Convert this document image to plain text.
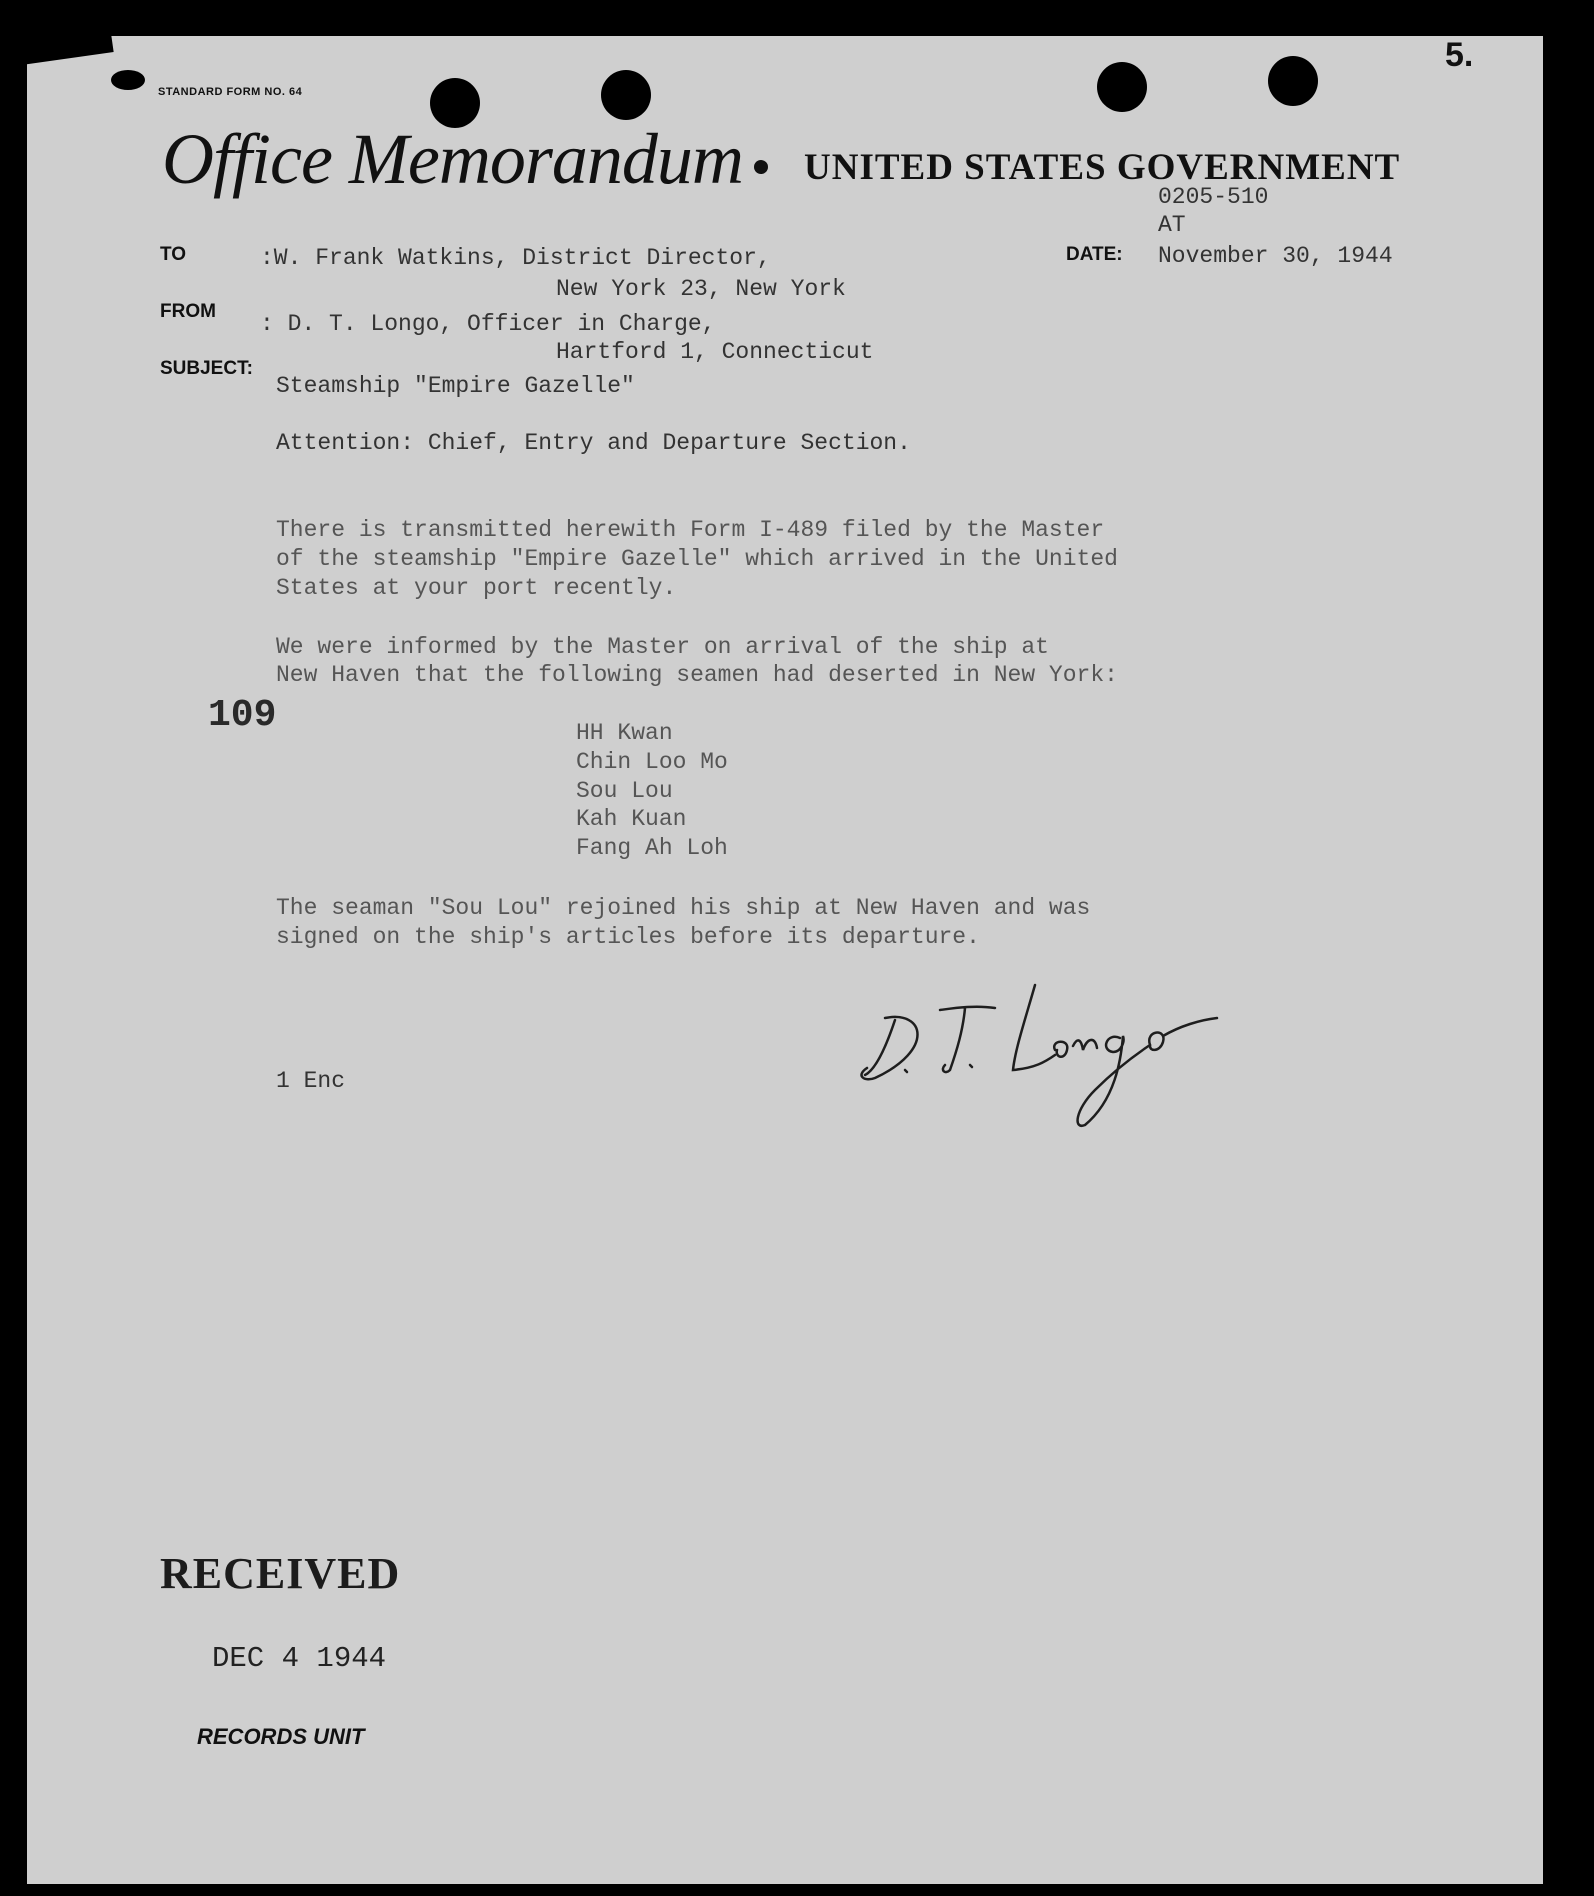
5.
STANDARD FORM NO. 64
Office Memorandum UNITED STATES GOVERNMENT
0205-510
AT
TO	:W. Frank Watkins, District Director,
New York 23, New York
DATE: November 30, 1944
FROM : D. T. Longo, Officer in Charge,
Hartford 1, Connecticut
SUBJECT:
Steamship "Empire Gazelle"
Attention: Chief, Entry and Departure Section.
There is transmitted herewith Form I-489 filed by the Master
of the steamship "Empire Gazelle" which arrived in the United
States at your port recently.
We were informed by the Master on arrival of the ship at
New Haven that the following seamen had deserted in New York:
109	HH Kwan
Chin Loo Mo
Sou Lou
Kah Kuan
Fang Ah Loh
The seaman "Sou Lou" rejoined his ship at New Haven and was
signed on the ship's articles before its departure.
1 Enc
RECEIVED
DEC 4 1944
RECORDS UNIT
